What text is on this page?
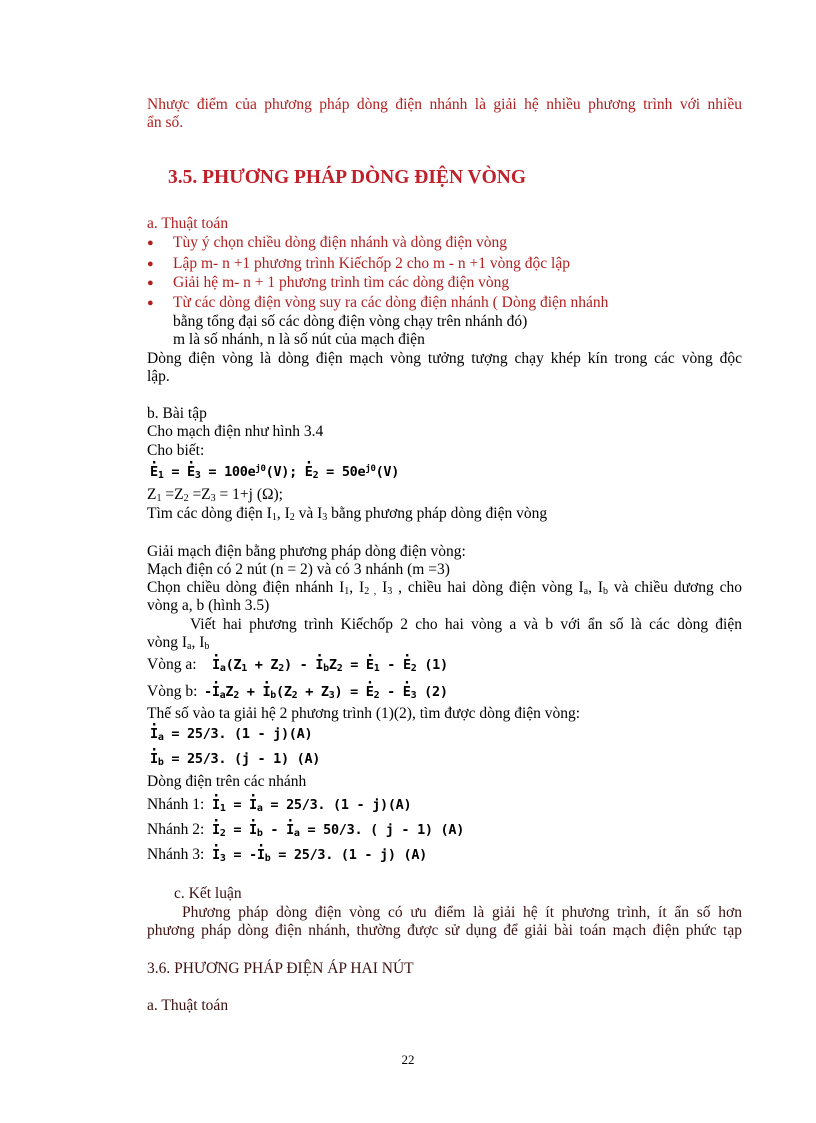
Nhược điểm của phương pháp dòng điện nhánh là giải hệ nhiều phương trình với nhiều
ẩn số.
3.5. PHƯƠNG PHÁP DÒNG ĐIỆN VÒNG
a. Thuật toán
● Tùy ý chọn chiều dòng điện nhánh và dòng điện vòng
● Lập m- n +1 phương trình Kiếchốp 2 cho m - n +1 vòng độc lập
● Giải hệ m- n + 1 phương trình tìm các dòng điện vòng
● Từ các dòng điện vòng suy ra các dòng điện nhánh ( Dòng điện nhánh
bằng tổng đại số các dòng điện vòng chạy trên nhánh đó)
m là số nhánh, n là số nút của mạch điện
Dòng điện vòng là dòng điện mạch vòng tưởng tượng chạy khép kín trong các vòng độc
lập.
b. Bài tập
Cho mạch điện như hình 3.4
Cho biết:
· $E_1$ = · $E_3 = 100e^{j0}(V)$; · $E_2 = 50e^{j0}(V)$
$Z_1 =Z_2 =Z_3 = 1+j$ (Ω);
Tìm các dòng điện $I_1$, $I_2$ và $I_3$ bằng phương pháp dòng điện vòng
Giải mạch điện bằng phương pháp dòng điện vòng:
Mạch điện có 2 nút (n = 2) và có 3 nhánh (m =3)
Chọn chiều dòng điện nhánh $I_1$, $I_{2 ,}$ $I_3$ , chiều hai dòng điện vòng $I_a$, $I_b$ và chiều dương cho
vòng a, b (hình 3.5)
Viết hai phương trình Kiếchốp 2 cho hai vòng a và b với ẩn số là các dòng điện
vòng $I_a$, $I_b$
Vòng a: · $I_a(Z_1 + Z_2)$ - · $I_bZ_2$ = · $E_1$ - · $E_2$ (1)
Vòng b: -· $I_aZ_2$ + · $I_b(Z_2 + Z_3)$ = · $E_2$ - · $E_3$ (2)
Thế số vào ta giải hệ 2 phương trình (1)(2), tìm được dòng điện vòng:
· $I_a = 25/3$. (1 - j)(A)
· $I_b = 25/3$. (j - 1) (A)
Dòng điện trên các nhánh
Nhánh 1: · $I_1$ = · $I_a = 25/3$. (1 - j)(A)
Nhánh 2: · $I_2$ = · $I_b$ - · $I_a = 50/3$. ( j - 1) (A)
Nhánh 3: · $I_3$ = -· $I_b = 25/3$. (1 - j) (A)
c. Kết luận
Phương pháp dòng điện vòng có ưu điểm là giải hệ ít phương trình, ít ẩn số hơn
phương pháp dòng điện nhánh, thường được sử dụng để giải bài toán mạch điện phức tạp
3.6. PHƯƠNG PHÁP ĐIỆN ÁP HAI NÚT
a. Thuật toán
22
